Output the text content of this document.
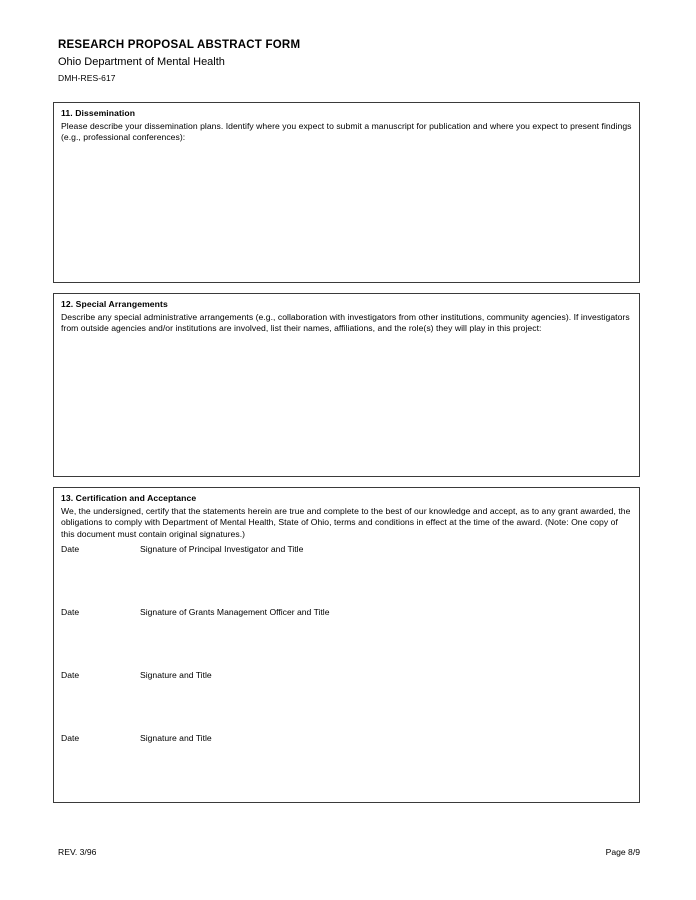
RESEARCH PROPOSAL ABSTRACT FORM
Ohio Department of Mental Health
DMH-RES-617
11. Dissemination
Please describe your dissemination plans. Identify where you expect to submit a manuscript for publication and where you expect to present findings (e.g., professional conferences):
12. Special Arrangements
Describe any special administrative arrangements (e.g., collaboration with investigators from other institutions, community agencies). If investigators from outside agencies and/or institutions are involved, list their names, affiliations, and the role(s) they will play in this project:
13. Certification and Acceptance
We, the undersigned, certify that the statements herein are true and complete to the best of our knowledge and accept, as to any grant awarded, the obligations to comply with Department of Mental Health, State of Ohio, terms and conditions in effect at the time of the award. (Note: One copy of this document must contain original signatures.)
Date	Signature of Principal Investigator and Title
Date	Signature of Grants Management Officer and Title
Date	Signature and Title
Date	Signature and Title
REV. 3/96	Page 8/9
